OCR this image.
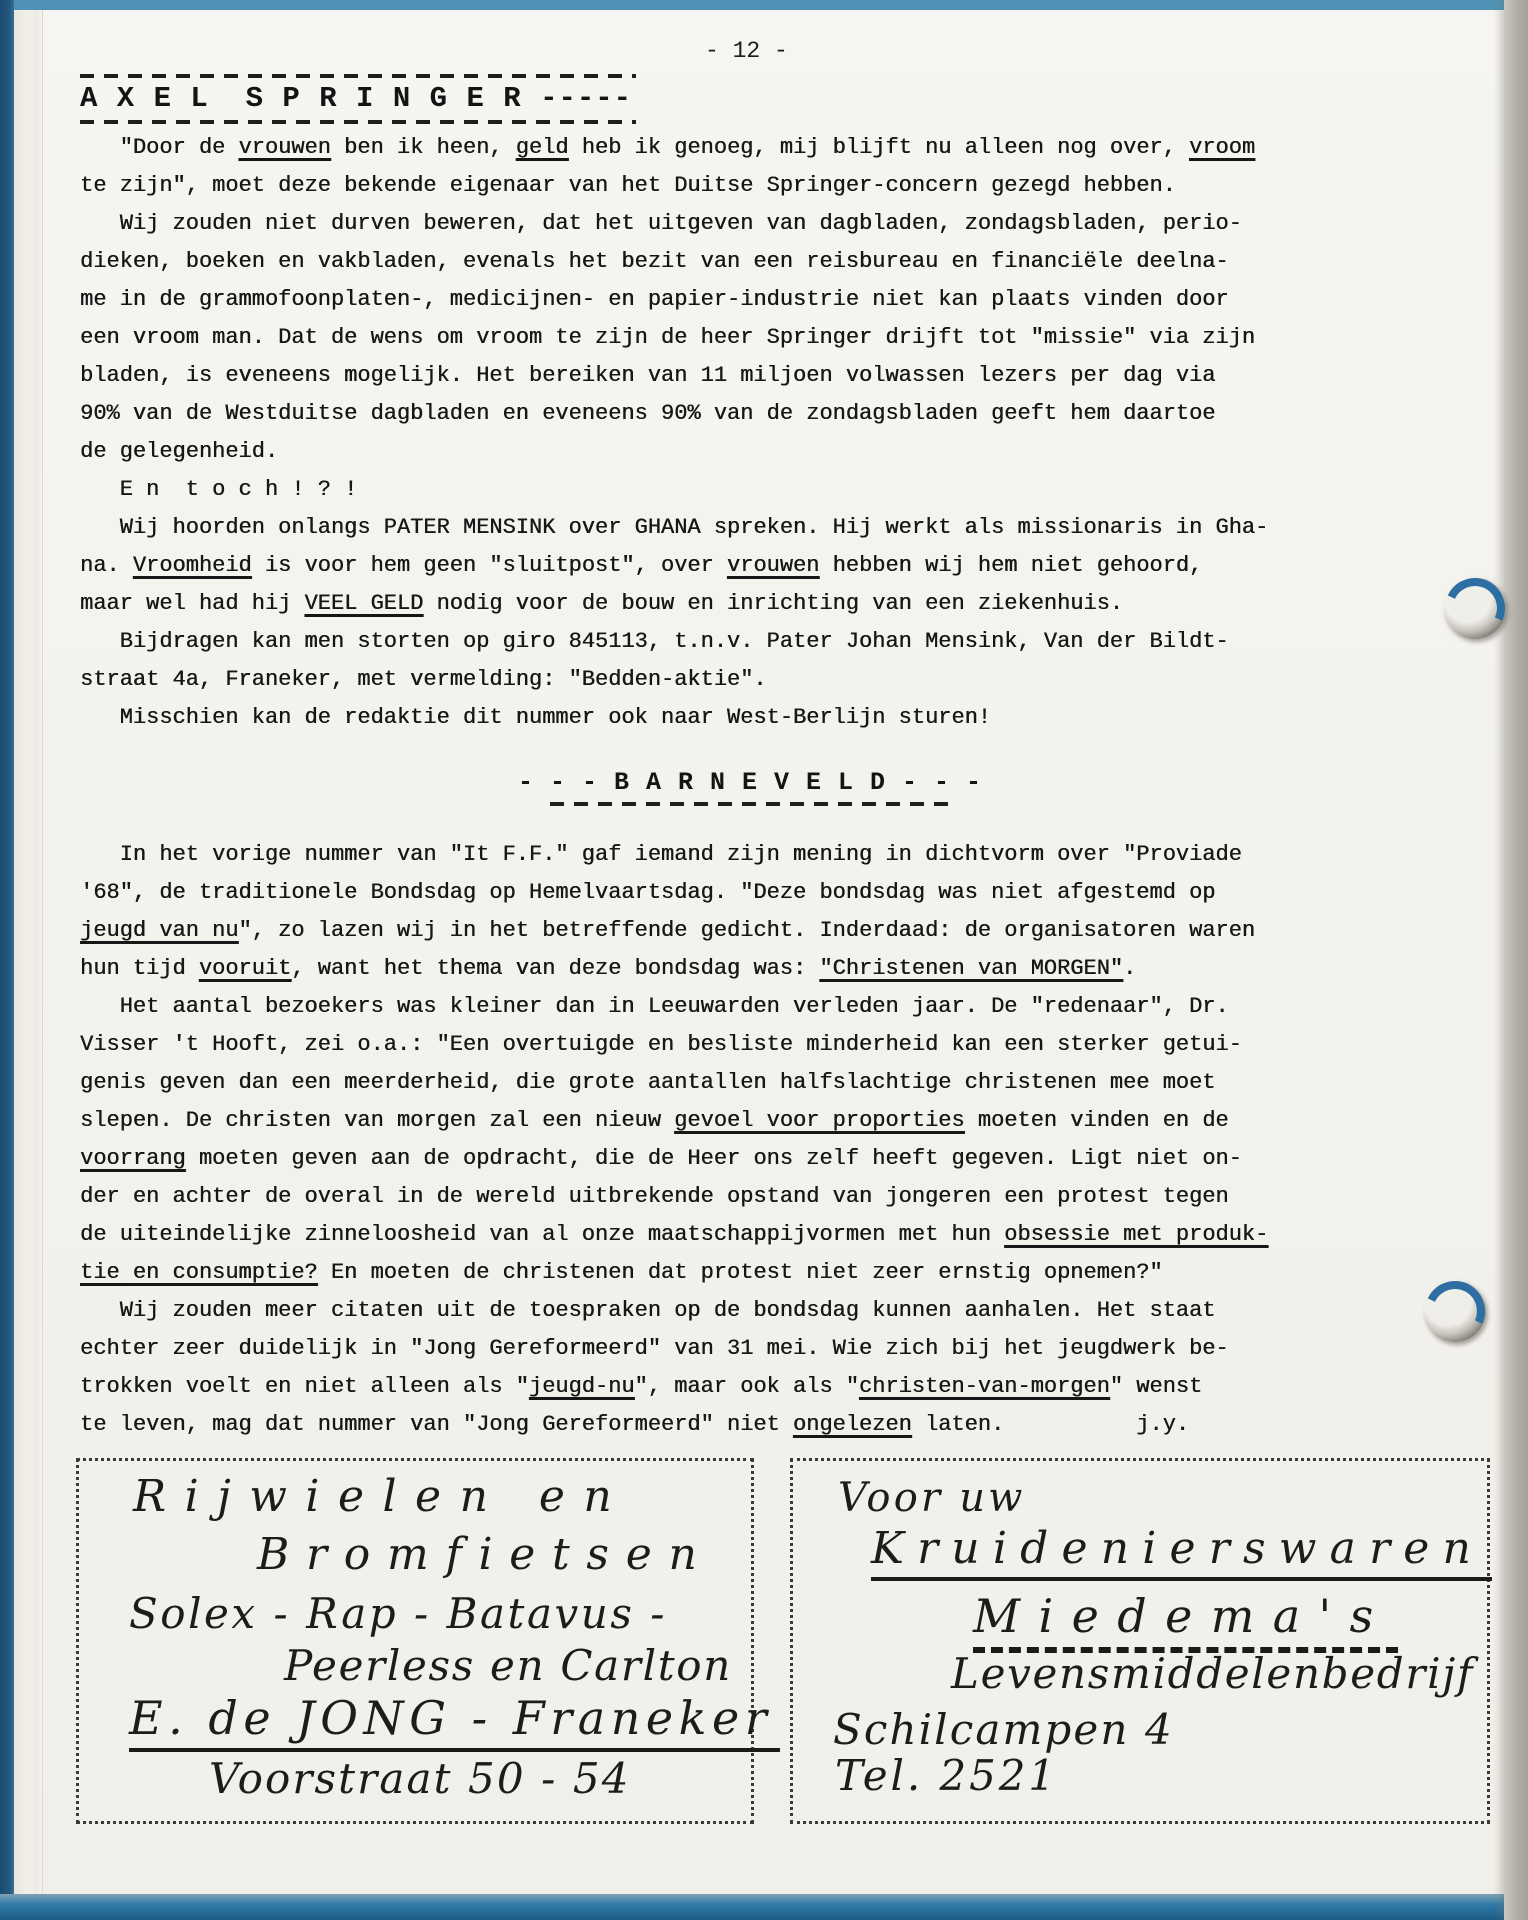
- 12 -
A X E L  S P R I N G E R -----
"Door de vrouwen ben ik heen, geld heb ik genoeg, mij blijft nu alleen nog over, vroom
te zijn", moet deze bekende eigenaar van het Duitse Springer-concern gezegd hebben.
Wij zouden niet durven beweren, dat het uitgeven van dagbladen, zondagsbladen, perio-
dieken, boeken en vakbladen, evenals het bezit van een reisbureau en financiële deelna-
me in de grammofoonplaten-, medicijnen- en papier-industrie niet kan plaats vinden door
een vroom man. Dat de wens om vroom te zijn de heer Springer drijft tot "missie" via zijn
bladen, is eveneens mogelijk. Het bereiken van 11 miljoen volwassen lezers per dag via
90% van de Westduitse dagbladen en eveneens 90% van de zondagsbladen geeft hem daartoe
de gelegenheid.
E n  t o c h ! ? !
Wij hoorden onlangs PATER MENSINK over GHANA spreken. Hij werkt als missionaris in Gha-
na. Vroomheid is voor hem geen "sluitpost", over vrouwen hebben wij hem niet gehoord,
maar wel had hij VEEL GELD nodig voor de bouw en inrichting van een ziekenhuis.
Bijdragen kan men storten op giro 845113, t.n.v. Pater Johan Mensink, Van der Bildt-
straat 4a, Franeker, met vermelding: "Bedden-aktie".
Misschien kan de redaktie dit nummer ook naar West-Berlijn sturen!
- - - B A R N E V E L D - - -
In het vorige nummer van "It F.F." gaf iemand zijn mening in dichtvorm over "Proviade
'68", de traditionele Bondsdag op Hemelvaartsdag. "Deze bondsdag was niet afgestemd op
jeugd van nu", zo lazen wij in het betreffende gedicht. Inderdaad: de organisatoren waren
hun tijd vooruit, want het thema van deze bondsdag was: "Christenen van MORGEN".
Het aantal bezoekers was kleiner dan in Leeuwarden verleden jaar. De "redenaar", Dr.
Visser 't Hooft, zei o.a.: "Een overtuigde en besliste minderheid kan een sterker getui-
genis geven dan een meerderheid, die grote aantallen halfslachtige christenen mee moet
slepen. De christen van morgen zal een nieuw gevoel voor proporties moeten vinden en de
voorrang moeten geven aan de opdracht, die de Heer ons zelf heeft gegeven. Ligt niet on-
der en achter de overal in de wereld uitbrekende opstand van jongeren een protest tegen
de uiteindelijke zinneloosheid van al onze maatschappijvormen met hun obsessie met produk-
tie en consumptie? En moeten de christenen dat protest niet zeer ernstig opnemen?"
Wij zouden meer citaten uit de toespraken op de bondsdag kunnen aanhalen. Het staat
echter zeer duidelijk in "Jong Gereformeerd" van 31 mei. Wie zich bij het jeugdwerk be-
trokken voelt en niet alleen als "jeugd-nu", maar ook als "christen-van-morgen" wenst
te leven, mag dat nummer van "Jong Gereformeerd" niet ongelezen laten.          j.y.
Rijwielen en
Bromfietsen
Solex - Rap - Batavus -
Peerless en Carlton
E. de JONG - Franeker
Voorstraat 50 - 54
Voor uw
Kruidenierswaren
Miedema's
Levensmiddelenbedrijf
Schilcampen 4
Tel. 2521
